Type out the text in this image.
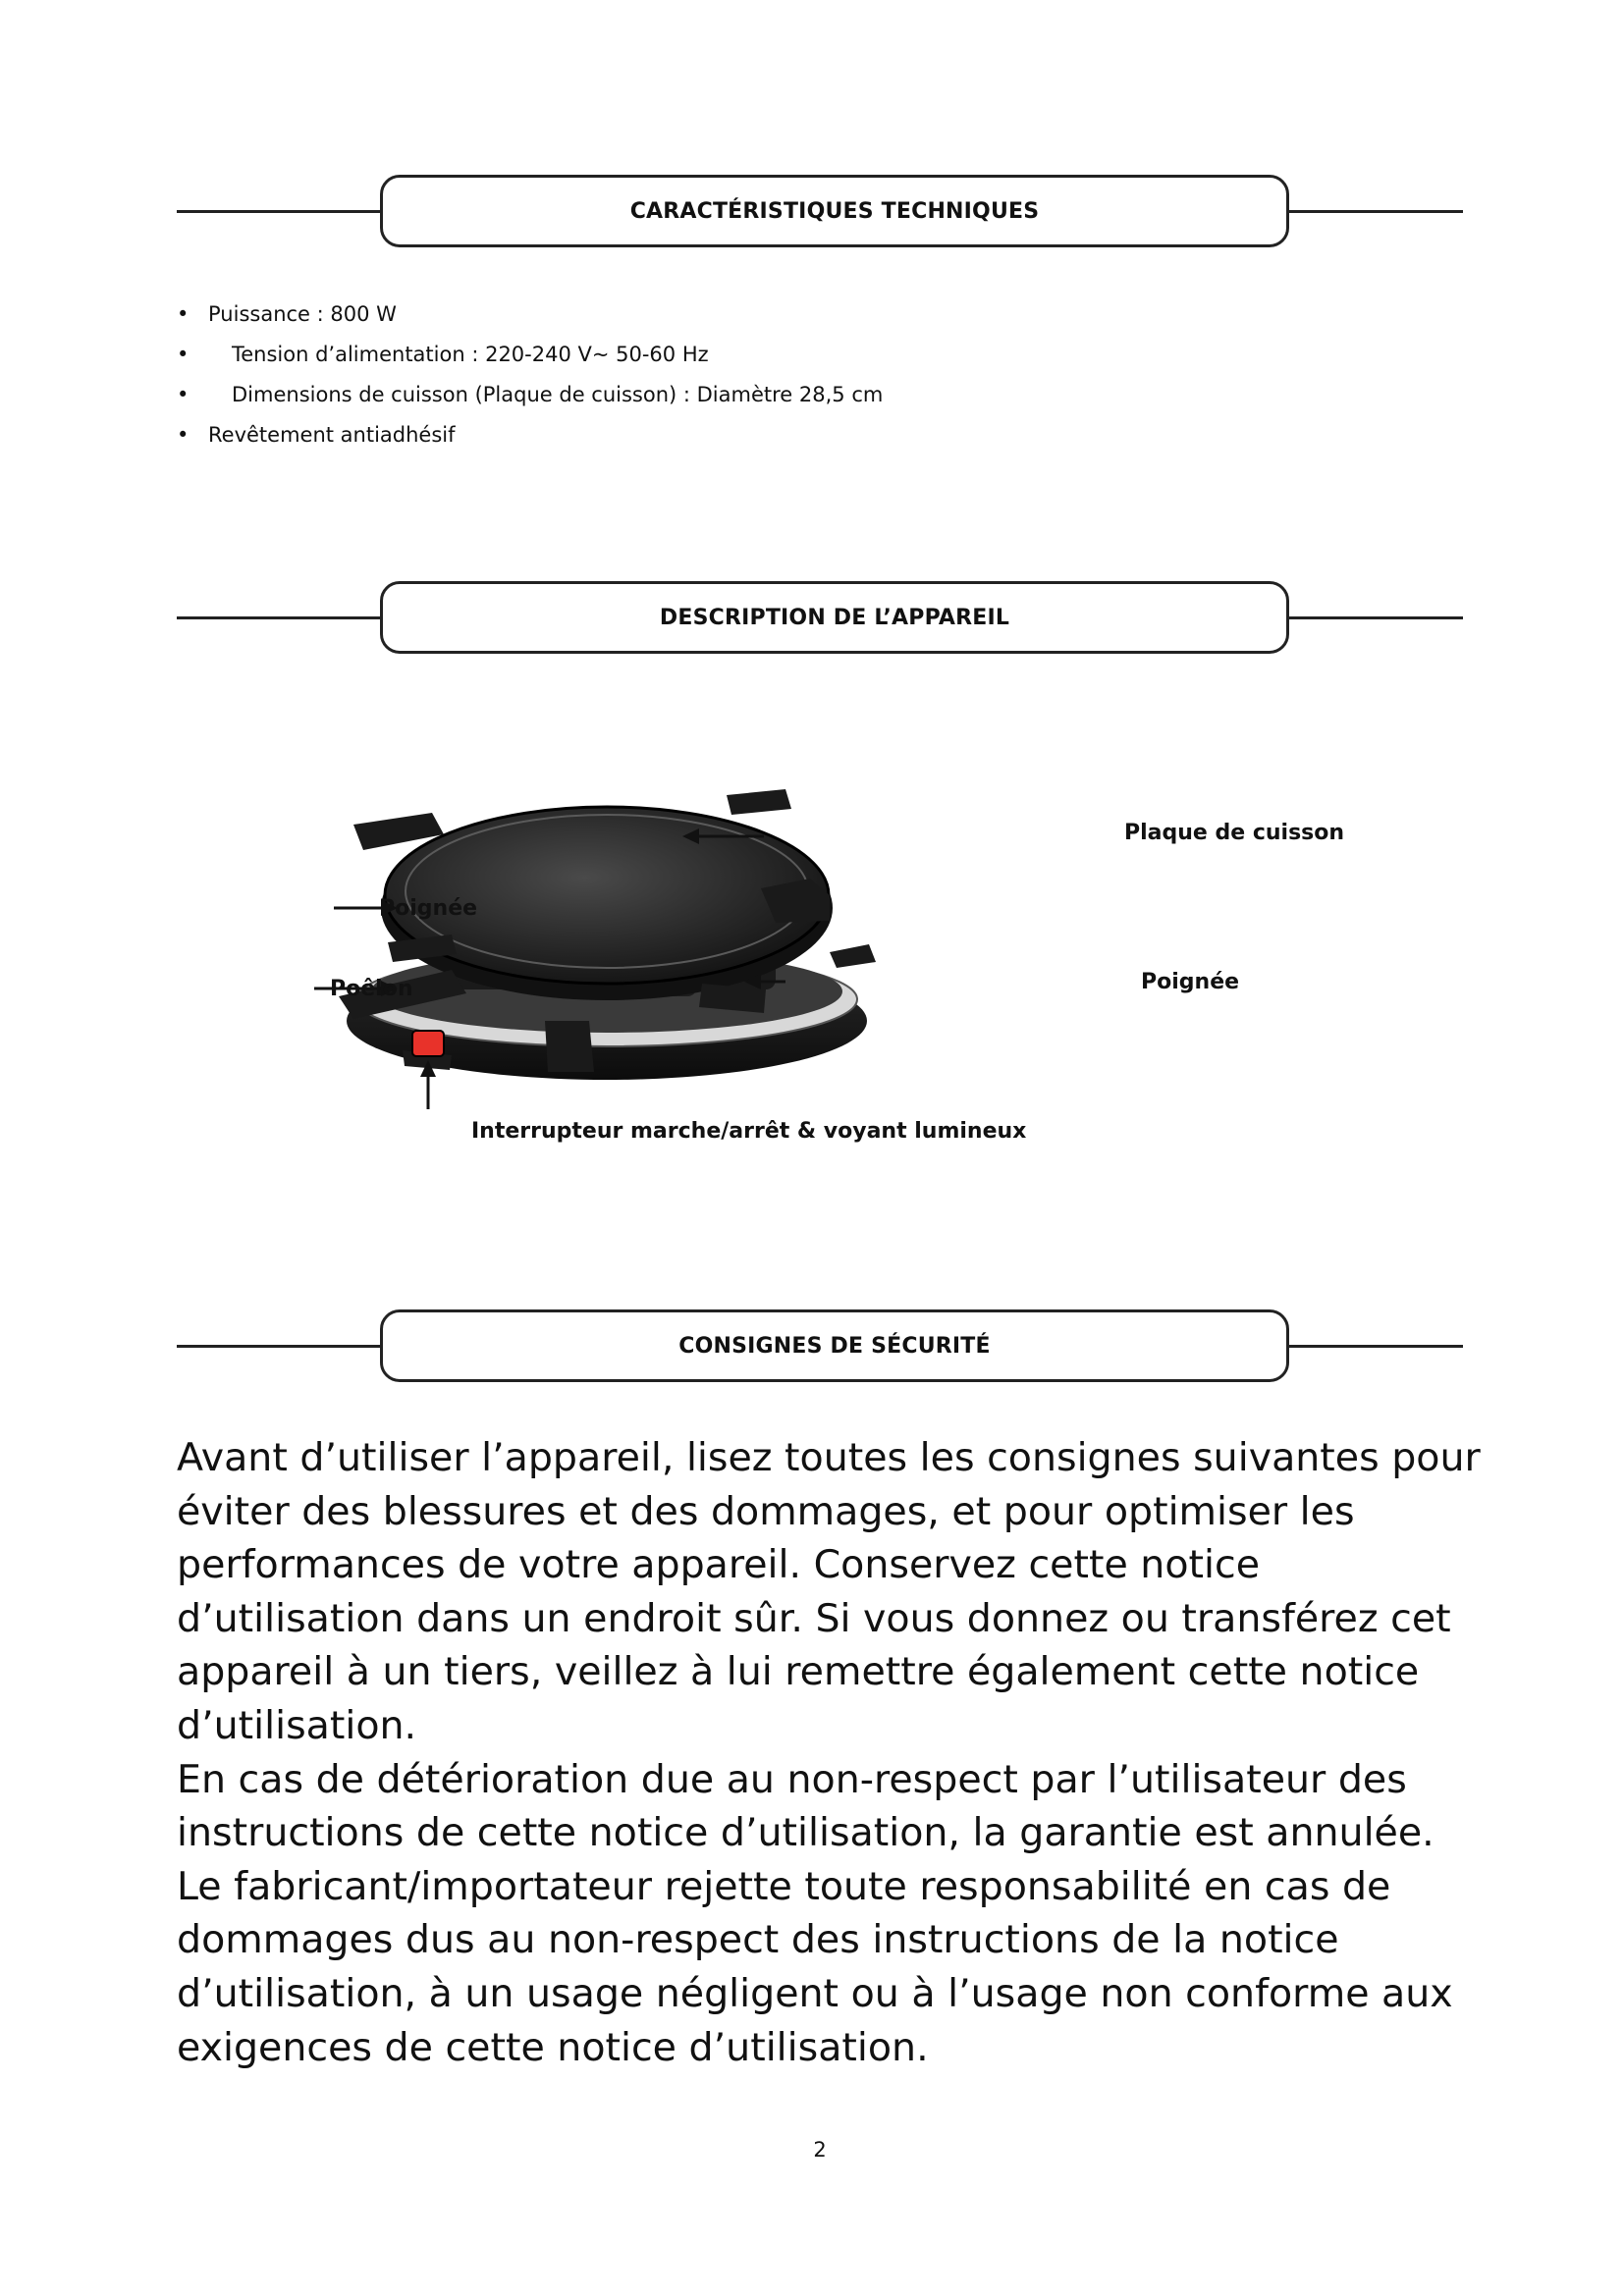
CARACTÉRISTIQUES TECHNIQUES
• Puissance : 800 W
• Tension d’alimentation : 220-240 V~ 50-60 Hz
• Dimensions de cuisson (Plaque de cuisson) : Diamètre 28,5 cm
• Revêtement antiadhésif
DESCRIPTION DE L’APPAREIL
Plaque de cuisson
Poignée
Poêlon	Poignée
Interrupteur marche/arrêt & voyant lumineux
CONSIGNES DE SÉCURITÉ

Avant d’utiliser l’appareil, lisez toutes les consignes suivantes pour éviter des blessures et des dommages, et pour optimiser les performances de votre appareil. Conservez cette notice d’utilisation dans un endroit sûr. Si vous donnez ou transférez cet appareil à un tiers, veillez à lui remettre également cette notice d’utilisation.

En cas de détérioration due au non-respect par l’utilisateur des instructions de cette notice d’utilisation, la garantie est annulée. Le fabricant/importateur rejette toute responsabilité en cas de dommages dus au non-respect des instructions de la notice d’utilisation, à un usage négligent ou à l’usage non conforme aux exigences de cette notice d’utilisation.

2
